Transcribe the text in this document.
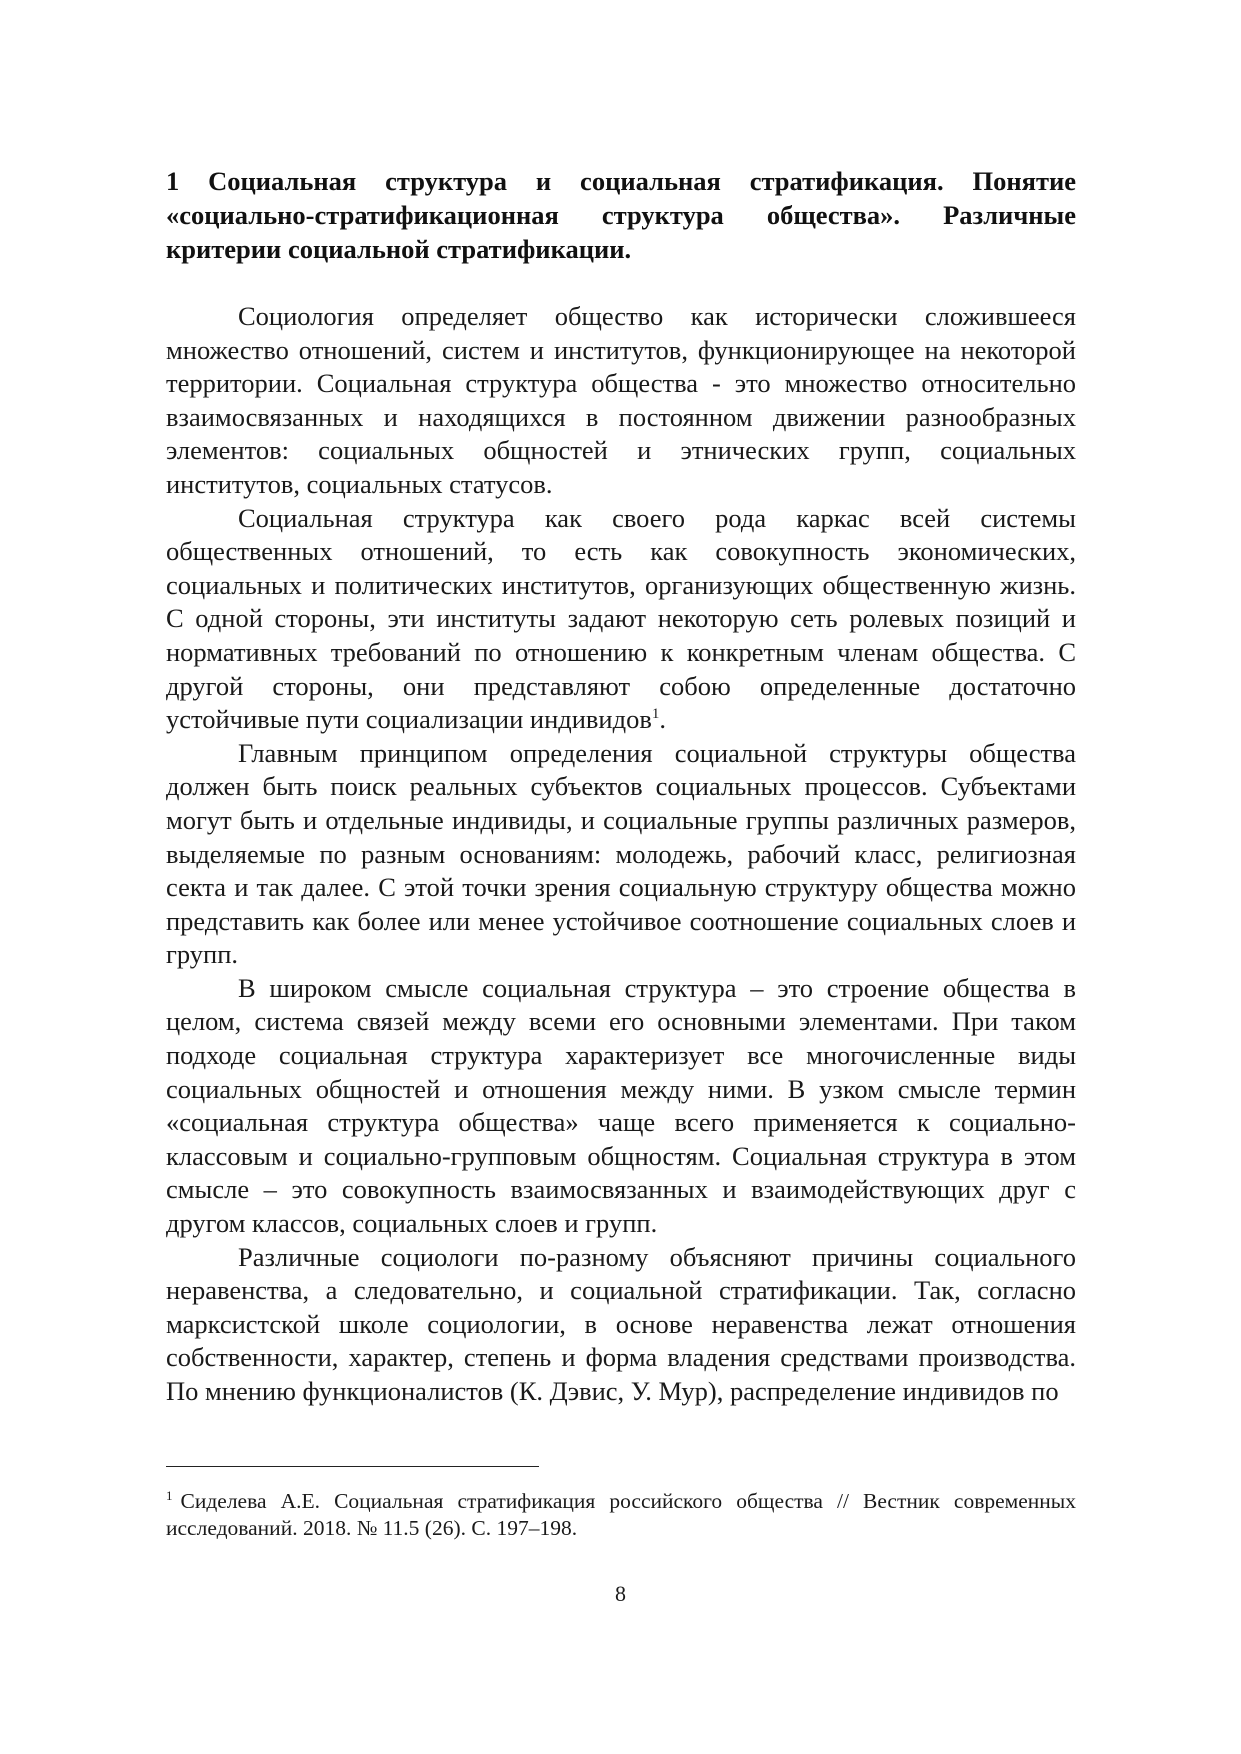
1 Социальная структура и социальная стратификация. Понятие «социально-стратификационная структура общества». Различные критерии социальной стратификации.

Социология определяет общество как исторически сложившееся множество отношений, систем и институтов, функционирующее на некоторой территории. Социальная структура общества - это множество относительно взаимосвязанных и находящихся в постоянном движении разнообразных элементов: социальных общностей и этнических групп, социальных институтов, социальных статусов.

Социальная структура как своего рода каркас всей системы общественных отношений, то есть как совокупность экономических, социальных и политических институтов, организующих общественную жизнь. С одной стороны, эти институты задают некоторую сеть ролевых позиций и нормативных требований по отношению к конкретным членам общества. С другой стороны, они представляют собою определенные достаточно устойчивые пути социализации индивидов$^1$.

Главным принципом определения социальной структуры общества должен быть поиск реальных субъектов социальных процессов. Субъектами могут быть и отдельные индивиды, и социальные группы различных размеров, выделяемые по разным основаниям: молодежь, рабочий класс, религиозная секта и так далее. С этой точки зрения социальную структуру общества можно представить как более или менее устойчивое соотношение социальных слоев и групп.

В широком смысле социальная структура – это строение общества в целом, система связей между всеми его основными элементами. При таком подходе социальная структура характеризует все многочисленные виды социальных общностей и отношения между ними. В узком смысле термин «социальная структура общества» чаще всего применяется к социально-классовым и социально-групповым общностям. Социальная структура в этом смысле – это совокупность взаимосвязанных и взаимодействующих друг с другом классов, социальных слоев и групп.

Различные социологи по-разному объясняют причины социального неравенства, а следовательно, и социальной стратификации. Так, согласно марксистской школе социологии, в основе неравенства лежат отношения собственности, характер, степень и форма владения средствами производства. По мнению функционалистов (К. Дэвис, У. Мур), распределение индивидов по

$^1$ Сиделева А.Е. Социальная стратификация российского общества // Вестник современных исследований. 2018. № 11.5 (26). С. 197–198.
8
